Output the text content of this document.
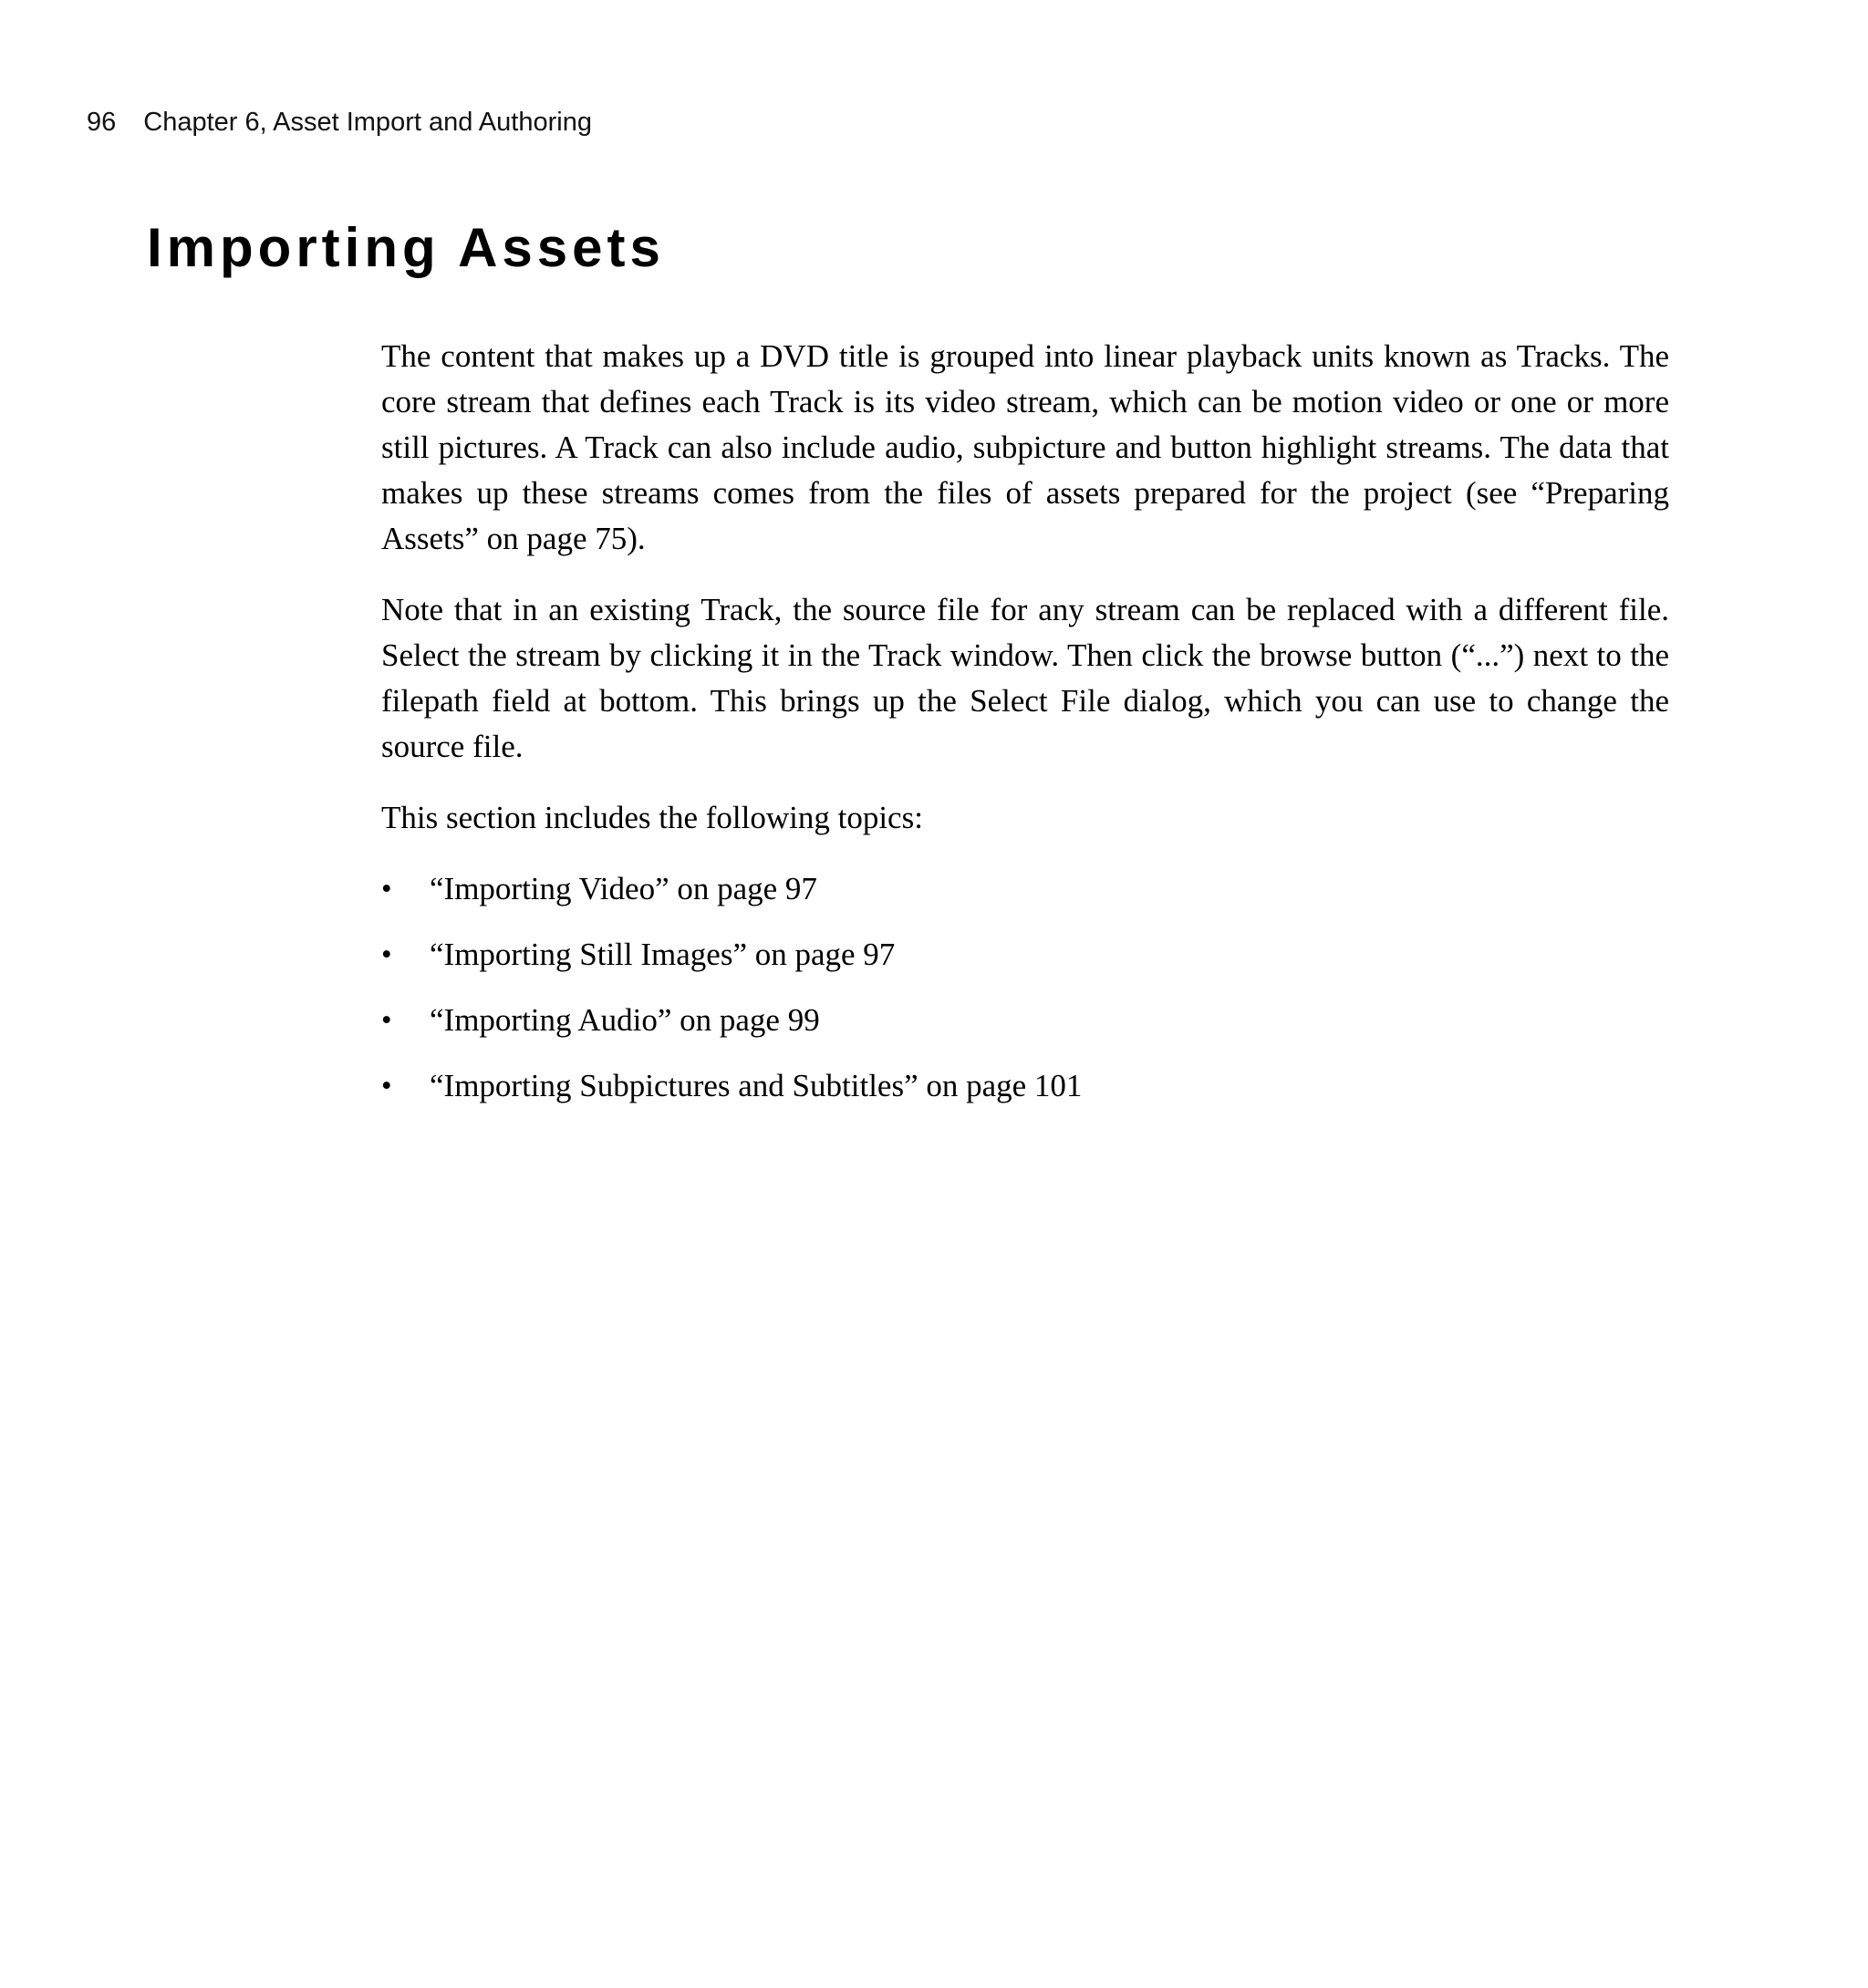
96 Chapter 6, Asset Import and Authoring
Importing Assets

The content that makes up a DVD title is grouped into linear playback units known as Tracks. The core stream that defines each Track is its video stream, which can be motion video or one or more still pictures. A Track can also include audio, subpicture and button highlight streams. The data that makes up these streams comes from the files of assets prepared for the project (see “Preparing Assets” on page 75).

Note that in an existing Track, the source file for any stream can be replaced with a different file. Select the stream by clicking it in the Track window. Then click the browse button (“...”) next to the filepath field at bottom. This brings up the Select File dialog, which you can use to change the source file.

This section includes the following topics:

• “Importing Video” on page 97
• “Importing Still Images” on page 97
• “Importing Audio” on page 99
• “Importing Subpictures and Subtitles” on page 101
